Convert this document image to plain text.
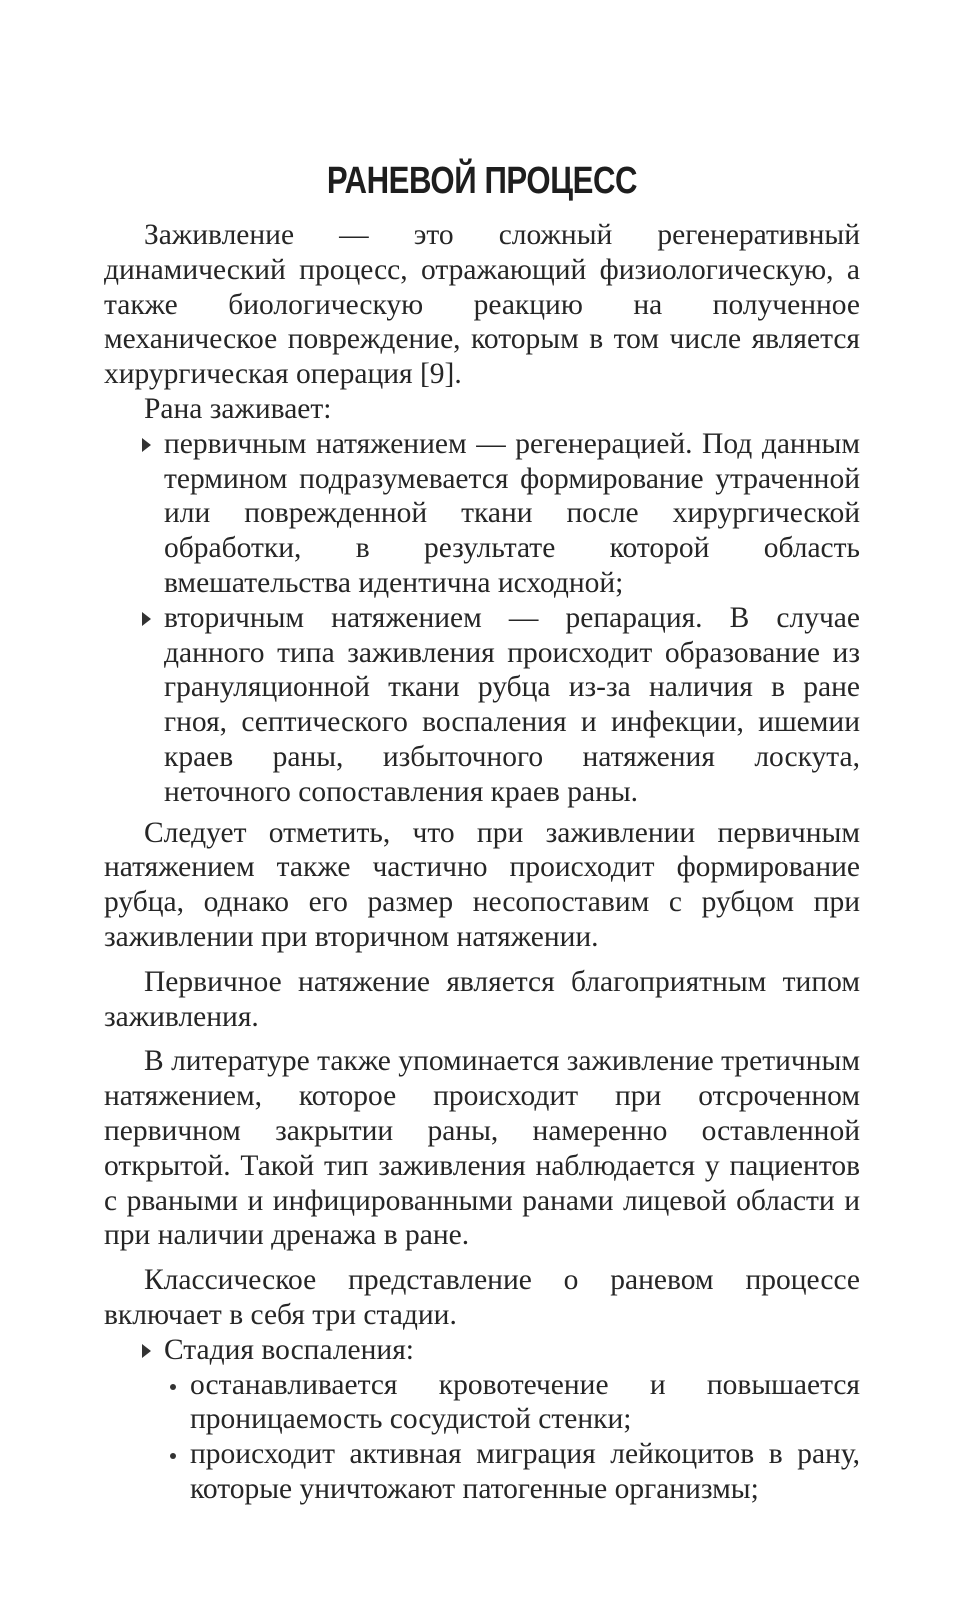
РАНЕВОЙ ПРОЦЕСС

Заживление — это сложный регенеративный динамический процесс, отражающий физиологическую, а также биологическую реакцию на полученное механическое повреждение, которым в том числе является хирургическая операция [9].

Рана заживает:

первичным натяжением — регенерацией. Под данным термином подразумевается формирование утраченной или поврежденной ткани после хирургической обработки, в результате которой область вмешательства идентична исходной;
вторичным натяжением — репарация. В случае данного типа заживления происходит образование из грануляционной ткани рубца из-за наличия в ране гноя, септического воспаления и инфекции, ишемии краев раны, избыточного натяжения лоскута, неточного сопоставления краев раны.

Следует отметить, что при заживлении первичным натяжением также частично происходит формирование рубца, однако его размер несопоставим с рубцом при заживлении при вторичном натяжении.

Первичное натяжение является благоприятным типом заживления.

В литературе также упоминается заживление третичным натяжением, которое происходит при отсроченном первичном закрытии раны, намеренно оставленной открытой. Такой тип заживления наблюдается у пациентов с рваными и инфицированными ранами лицевой области и при наличии дренажа в ране.

Классическое представление о раневом процессе включает в себя три стадии.

Стадия воспаления:
останавливается кровотечение и повышается проницаемость сосудистой стенки;
происходит активная миграция лейкоцитов в рану, которые уничтожают патогенные организмы;
